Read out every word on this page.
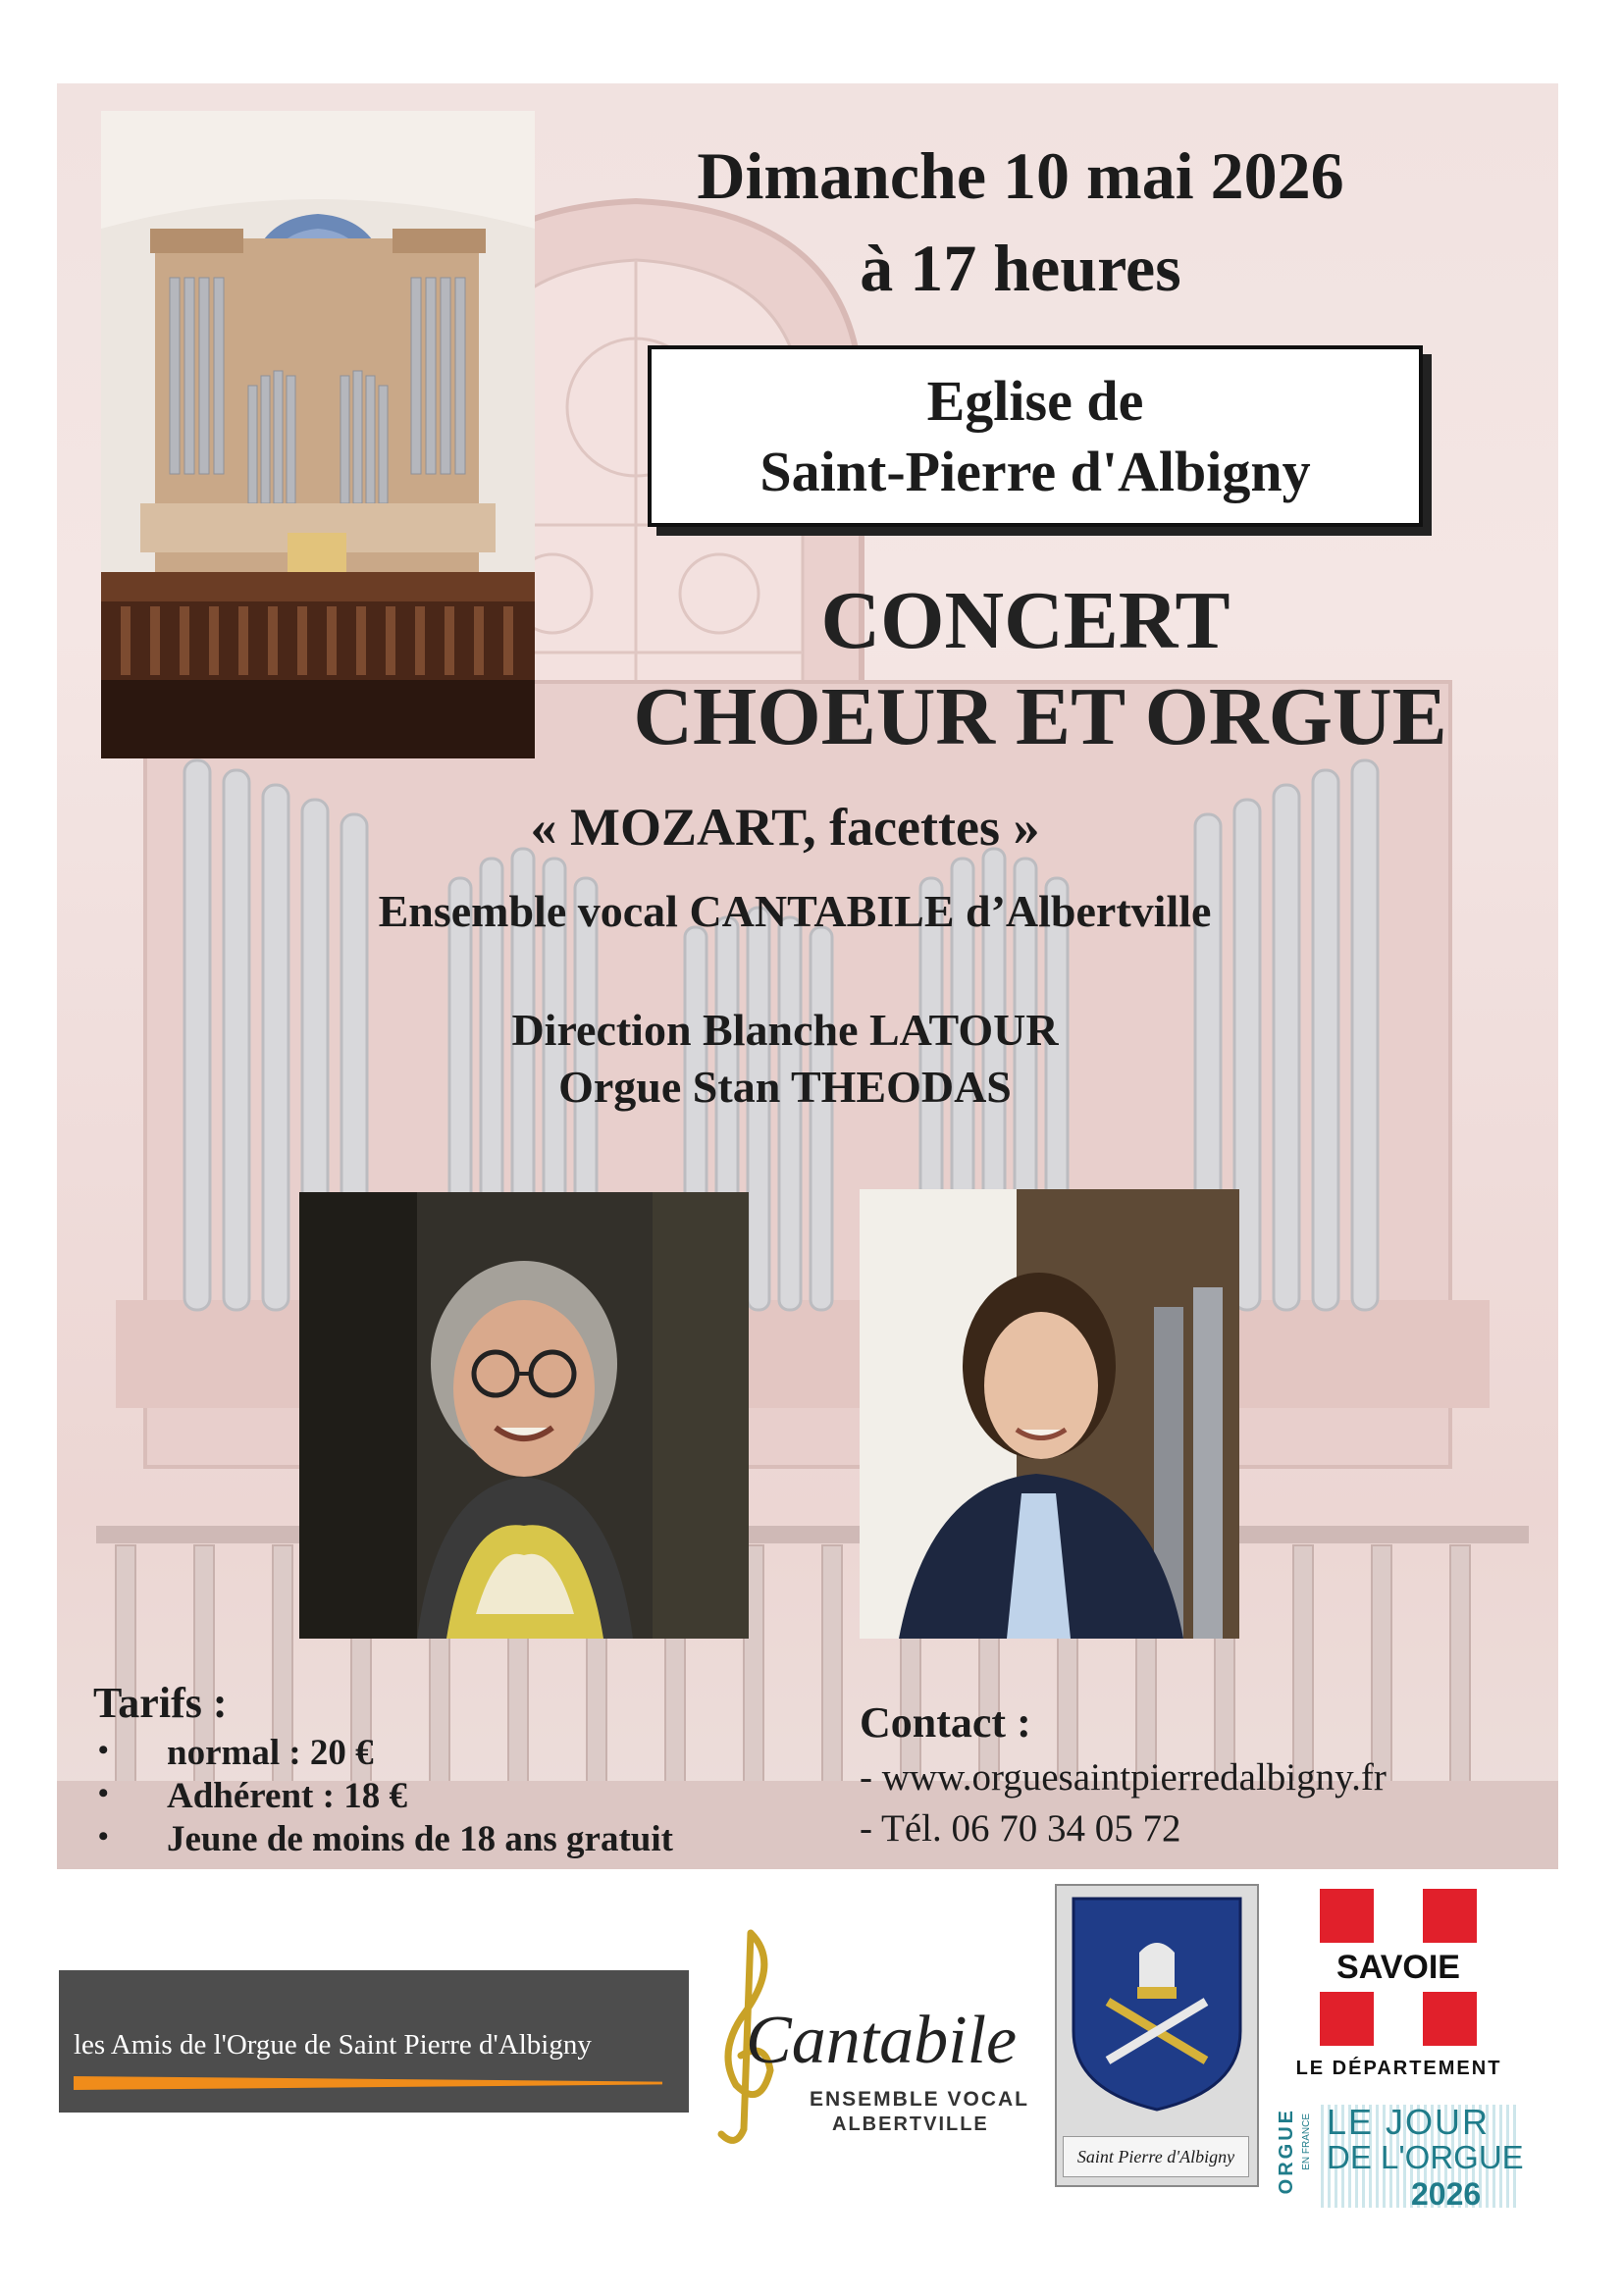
Dimanche 10 mai 2026
à 17 heures
Eglise de
Saint-Pierre d'Albigny
CONCERT
CHOEUR ET ORGUE
« MOZART, facettes »
Ensemble vocal CANTABILE d’Albertville
Direction Blanche LATOUR
Orgue Stan THEODAS
Tarifs :
• normal : 20 €
• Adhérent : 18 €
• Jeune de moins de 18 ans gratuit
Contact :
- www.orguesaintpierredalbigny.fr
- Tél. 06 70 34 05 72
les Amis de l'Orgue de Saint Pierre d'Albigny Cantabile
ENSEMBLE VOCAL
ALBERTVILLE
Saint Pierre d'Albigny
SAVOIE
LE DÉPARTEMENT
ORGUE EN FRANCE LE JOUR
DE L'ORGUE
2026
